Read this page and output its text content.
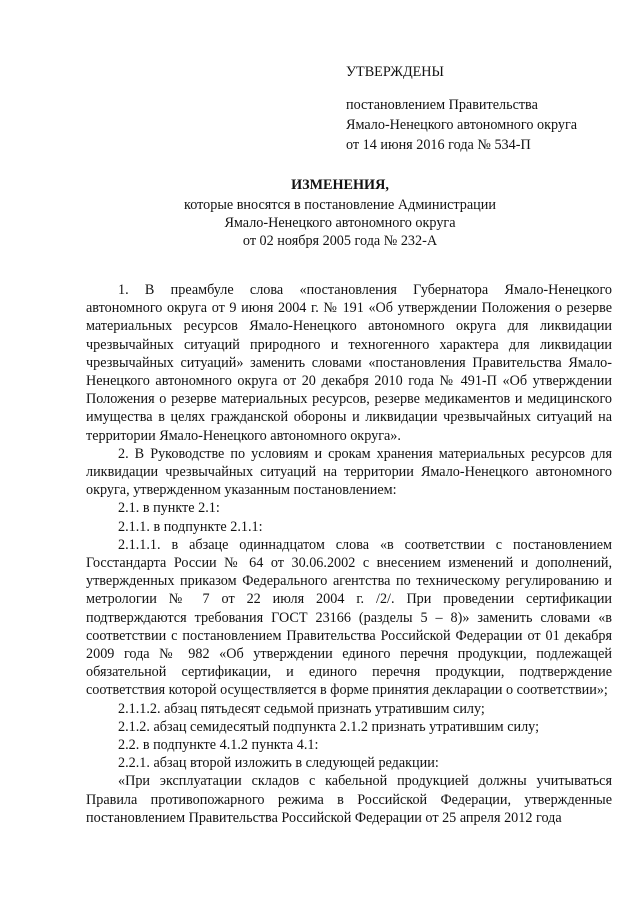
УТВЕРЖДЕНЫ
постановлением Правительства
Ямало-Ненецкого автономного округа
от 14 июня 2016 года № 534-П
ИЗМЕНЕНИЯ,
которые вносятся в постановление Администрации
Ямало-Ненецкого автономного округа
от 02 ноября 2005 года № 232-А

1. В преамбуле слова «постановления Губернатора Ямало-Ненецкого автономного округа от 9 июня 2004 г. № 191 «Об утверждении Положения о резерве материальных ресурсов Ямало-Ненецкого автономного округа для ликвидации чрезвычайных ситуаций природного и техногенного характера для ликвидации чрезвычайных ситуаций» заменить словами «постановления Правительства Ямало-Ненецкого автономного округа от 20 декабря 2010 года № 491-П «Об утверждении Положения о резерве материальных ресурсов, резерве медикаментов и медицинского имущества в целях гражданской обороны и ликвидации чрезвычайных ситуаций на территории Ямало-Ненецкого автономного округа».

2. В Руководстве по условиям и срокам хранения материальных ресурсов для ликвидации чрезвычайных ситуаций на территории Ямало-Ненецкого автономного округа, утвержденном указанным постановлением:

2.1. в пункте 2.1:

2.1.1. в подпункте 2.1.1:

2.1.1.1. в абзаце одиннадцатом слова «в соответствии с постановлением Госстандарта России № 64 от 30.06.2002 с внесением изменений и дополнений, утвержденных приказом Федерального агентства по техническому регулированию и метрологии № 7 от 22 июля 2004 г. /2/. При проведении сертификации подтверждаются требования ГОСТ 23166 (разделы 5 – 8)» заменить словами «в соответствии с постановлением Правительства Российской Федерации от 01 декабря 2009 года № 982 «Об утверждении единого перечня продукции, подлежащей обязательной сертификации, и единого перечня продукции, подтверждение соответствия которой осуществляется в форме принятия декларации о соответствии»;

2.1.1.2. абзац пятьдесят седьмой признать утратившим силу;

2.1.2. абзац семидесятый подпункта 2.1.2 признать утратившим силу;

2.2. в подпункте 4.1.2 пункта 4.1:

2.2.1. абзац второй изложить в следующей редакции:

«При эксплуатации складов с кабельной продукцией должны учитываться Правила противопожарного режима в Российской Федерации, утвержденные постановлением Правительства Российской Федерации от 25 апреля 2012 года
